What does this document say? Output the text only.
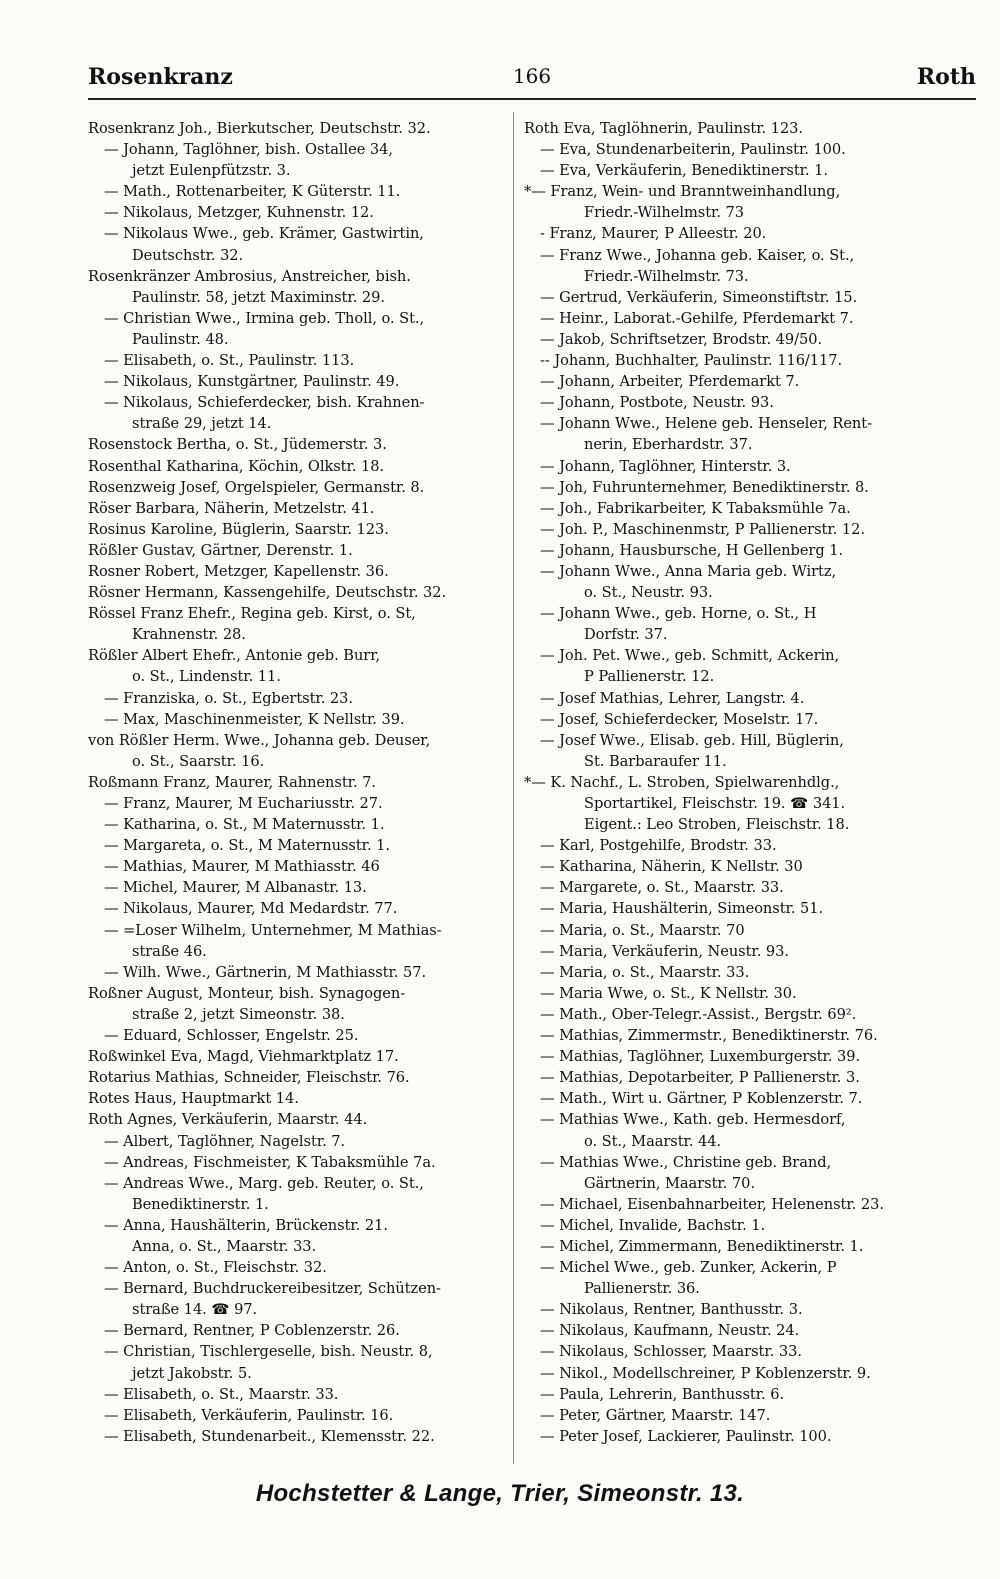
166
Rosenkranz	Roth
Rosenkranz Joh., Bierkutscher, Deutschstr. 32.
— Johann, Taglöhner, bish. Ostallee 34,
jetzt Eulenpfützstr. 3.
— Math., Rottenarbeiter, K Güterstr. 11.
— Nikolaus, Metzger, Kuhnenstr. 12.
— Nikolaus Wwe., geb. Krämer, Gastwirtin,
Deutschstr. 32.
Rosenkränzer Ambrosius, Anstreicher, bish.
Paulinstr. 58, jetzt Maximinstr. 29.
— Christian Wwe., Irmina geb. Tholl, o. St.,
Paulinstr. 48.
— Elisabeth, o. St., Paulinstr. 113.
— Nikolaus, Kunstgärtner, Paulinstr. 49.
— Nikolaus, Schieferdecker, bish. Krahnen-
straße 29, jetzt 14.
Rosenstock Bertha, o. St., Jüdemerstr. 3.
Rosenthal Katharina, Köchin, Olkstr. 18.
Rosenzweig Josef, Orgelspieler, Germanstr. 8.
Röser Barbara, Näherin, Metzelstr. 41.
Rosinus Karoline, Büglerin, Saarstr. 123.
Rößler Gustav, Gärtner, Derenstr. 1.
Rosner Robert, Metzger, Kapellenstr. 36.
Rösner Hermann, Kassengehilfe, Deutschstr. 32.
Rössel Franz Ehefr., Regina geb. Kirst, o. St,
Krahnenstr. 28.
Rößler Albert Ehefr., Antonie geb. Burr,
o. St., Lindenstr. 11.
— Franziska, o. St., Egbertstr. 23.
— Max, Maschinenmeister, K Nellstr. 39.
von Rößler Herm. Wwe., Johanna geb. Deuser,
o. St., Saarstr. 16.
Roßmann Franz, Maurer, Rahnenstr. 7.
— Franz, Maurer, M Euchariusstr. 27.
— Katharina, o. St., M Maternusstr. 1.
— Margareta, o. St., M Maternusstr. 1.
— Mathias, Maurer, M Mathiasstr. 46
— Michel, Maurer, M Albanastr. 13.
— Nikolaus, Maurer, Md Medardstr. 77.
— =Loser Wilhelm, Unternehmer, M Mathias-
straße 46.
— Wilh. Wwe., Gärtnerin, M Mathiasstr. 57.
Roßner August, Monteur, bish. Synagogen-
straße 2, jetzt Simeonstr. 38.
— Eduard, Schlosser, Engelstr. 25.
Roßwinkel Eva, Magd, Viehmarktplatz 17.
Rotarius Mathias, Schneider, Fleischstr. 76.
Rotes Haus, Hauptmarkt 14.
Roth Agnes, Verkäuferin, Maarstr. 44.
— Albert, Taglöhner, Nagelstr. 7.
— Andreas, Fischmeister, K Tabaksmühle 7a.
— Andreas Wwe., Marg. geb. Reuter, o. St.,
Benediktinerstr. 1.
— Anna, Haushälterin, Brückenstr. 21.
Anna, o. St., Maarstr. 33.
— Anton, o. St., Fleischstr. 32.
— Bernard, Buchdruckereibesitzer, Schützen-
straße 14. ☎ 97.
— Bernard, Rentner, P Coblenzerstr. 26.
— Christian, Tischlergeselle, bish. Neustr. 8,
jetzt Jakobstr. 5.
— Elisabeth, o. St., Maarstr. 33.
— Elisabeth, Verkäuferin, Paulinstr. 16.
— Elisabeth, Stundenarbeit., Klemensstr. 22.
Roth Eva, Taglöhnerin, Paulinstr. 123.
— Eva, Stundenarbeiterin, Paulinstr. 100.
— Eva, Verkäuferin, Benediktinerstr. 1.
*— Franz, Wein- und Branntweinhandlung,
Friedr.-Wilhelmstr. 73
- Franz, Maurer, P Alleestr. 20.
— Franz Wwe., Johanna geb. Kaiser, o. St.,
Friedr.-Wilhelmstr. 73.
— Gertrud, Verkäuferin, Simeonstiftstr. 15.
— Heinr., Laborat.-Gehilfe, Pferdemarkt 7.
— Jakob, Schriftsetzer, Brodstr. 49/50.
-- Johann, Buchhalter, Paulinstr. 116/117.
— Johann, Arbeiter, Pferdemarkt 7.
— Johann, Postbote, Neustr. 93.
— Johann Wwe., Helene geb. Henseler, Rent-
nerin, Eberhardstr. 37.
— Johann, Taglöhner, Hinterstr. 3.
— Joh, Fuhrunternehmer, Benediktinerstr. 8.
— Joh., Fabrikarbeiter, K Tabaksmühle 7a.
— Joh. P., Maschinenmstr, P Pallienerstr. 12.
— Johann, Hausbursche, H Gellenberg 1.
— Johann Wwe., Anna Maria geb. Wirtz,
o. St., Neustr. 93.
— Johann Wwe., geb. Horne, o. St., H
Dorfstr. 37.
— Joh. Pet. Wwe., geb. Schmitt, Ackerin,
P Pallienerstr. 12.
— Josef Mathias, Lehrer, Langstr. 4.
— Josef, Schieferdecker, Moselstr. 17.
— Josef Wwe., Elisab. geb. Hill, Büglerin,
St. Barbaraufer 11.
*— K. Nachf., L. Stroben, Spielwarenhdlg.,
Sportartikel, Fleischstr. 19. ☎ 341.
Eigent.: Leo Stroben, Fleischstr. 18.
— Karl, Postgehilfe, Brodstr. 33.
— Katharina, Näherin, K Nellstr. 30
— Margarete, o. St., Maarstr. 33.
— Maria, Haushälterin, Simeonstr. 51.
— Maria, o. St., Maarstr. 70
— Maria, Verkäuferin, Neustr. 93.
— Maria, o. St., Maarstr. 33.
— Maria Wwe, o. St., K Nellstr. 30.
— Math., Ober-Telegr.-Assist., Bergstr. 69².
— Mathias, Zimmermstr., Benediktinerstr. 76.
— Mathias, Taglöhner, Luxemburgerstr. 39.
— Mathias, Depotarbeiter, P Pallienerstr. 3.
— Math., Wirt u. Gärtner, P Koblenzerstr. 7.
— Mathias Wwe., Kath. geb. Hermesdorf,
o. St., Maarstr. 44.
— Mathias Wwe., Christine geb. Brand,
Gärtnerin, Maarstr. 70.
— Michael, Eisenbahnarbeiter, Helenenstr. 23.
— Michel, Invalide, Bachstr. 1.
— Michel, Zimmermann, Benediktinerstr. 1.
— Michel Wwe., geb. Zunker, Ackerin, P
Pallienerstr. 36.
— Nikolaus, Rentner, Banthusstr. 3.
— Nikolaus, Kaufmann, Neustr. 24.
— Nikolaus, Schlosser, Maarstr. 33.
— Nikol., Modellschreiner, P Koblenzerstr. 9.
— Paula, Lehrerin, Banthusstr. 6.
— Peter, Gärtner, Maarstr. 147.
— Peter Josef, Lackierer, Paulinstr. 100.
Hochstetter & Lange, Trier, Simeonstr. 13.
